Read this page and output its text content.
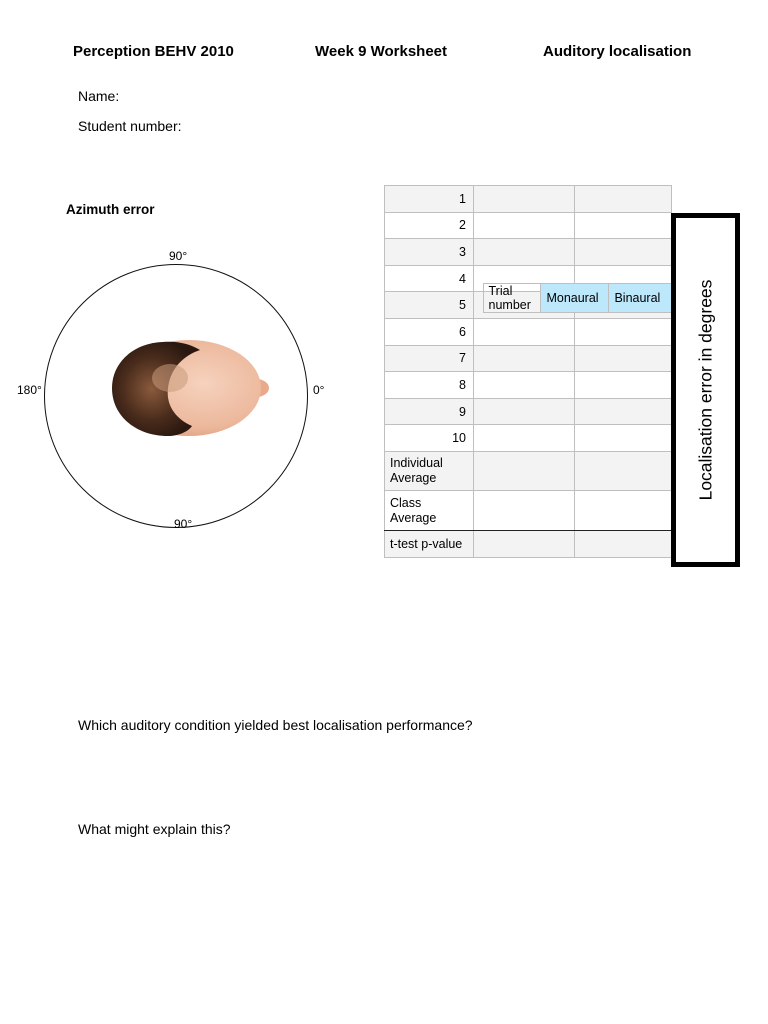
Perception BEHV 2010	Week 9 Worksheet	Auditory localisation
Name:
Student number:
Azimuth error
90°
90°
180°	0°
Trial number	Monaural	Binaural
1		
2		
3		
4		
5		
6		
7		
8		
9		
10		
Individual Average		
Class Average		
t-test p-value		
Localisation error in degrees
Which auditory condition yielded best localisation performance?
What might explain this?
